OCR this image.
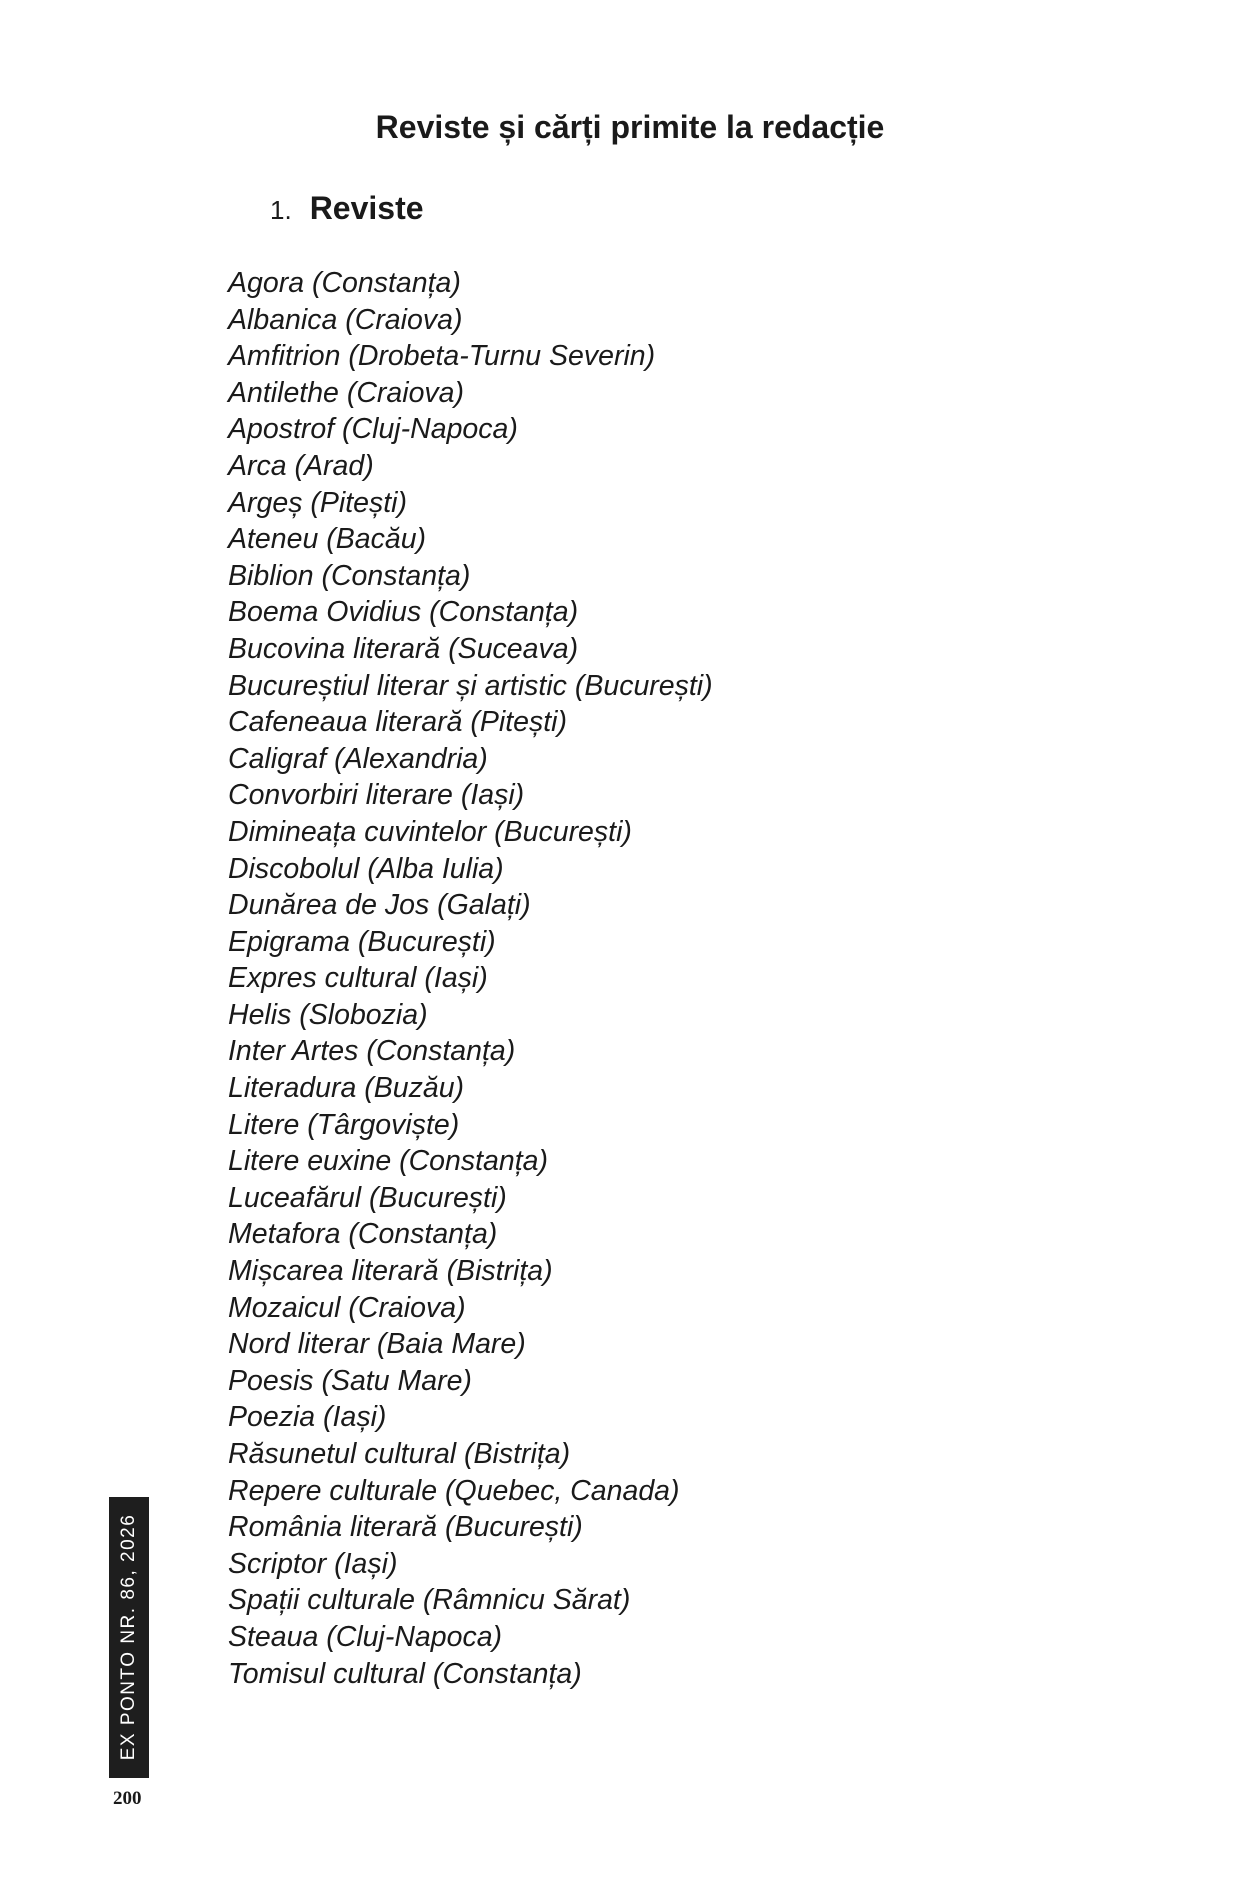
Reviste și cărți primite la redacție
1. Reviste
Agora (Constanța)
Albanica (Craiova)
Amfitrion (Drobeta-Turnu Severin)
Antilethe (Craiova)
Apostrof (Cluj-Napoca)
Arca (Arad)
Argeș (Pitești)
Ateneu (Bacău)
Biblion (Constanța)
Boema Ovidius (Constanța)
Bucovina literară (Suceava)
Bucureștiul literar și artistic (București)
Cafeneaua literară (Pitești)
Caligraf (Alexandria)
Convorbiri literare (Iași)
Dimineața cuvintelor (București)
Discobolul (Alba Iulia)
Dunărea de Jos (Galați)
Epigrama (București)
Expres cultural (Iași)
Helis (Slobozia)
Inter Artes (Constanța)
Literadura (Buzău)
Litere (Târgoviște)
Litere euxine (Constanța)
Luceafărul (București)
Metafora (Constanța)
Mișcarea literară (Bistrița)
Mozaicul (Craiova)
Nord literar (Baia Mare)
Poesis (Satu Mare)
Poezia (Iași)
Răsunetul cultural (Bistrița)
Repere culturale (Quebec, Canada)
România literară (București)
Scriptor (Iași)
Spații culturale (Râmnicu Sărat)
Steaua (Cluj-Napoca)
Tomisul cultural (Constanța)
EX PONTO NR. 86, 2026
200
